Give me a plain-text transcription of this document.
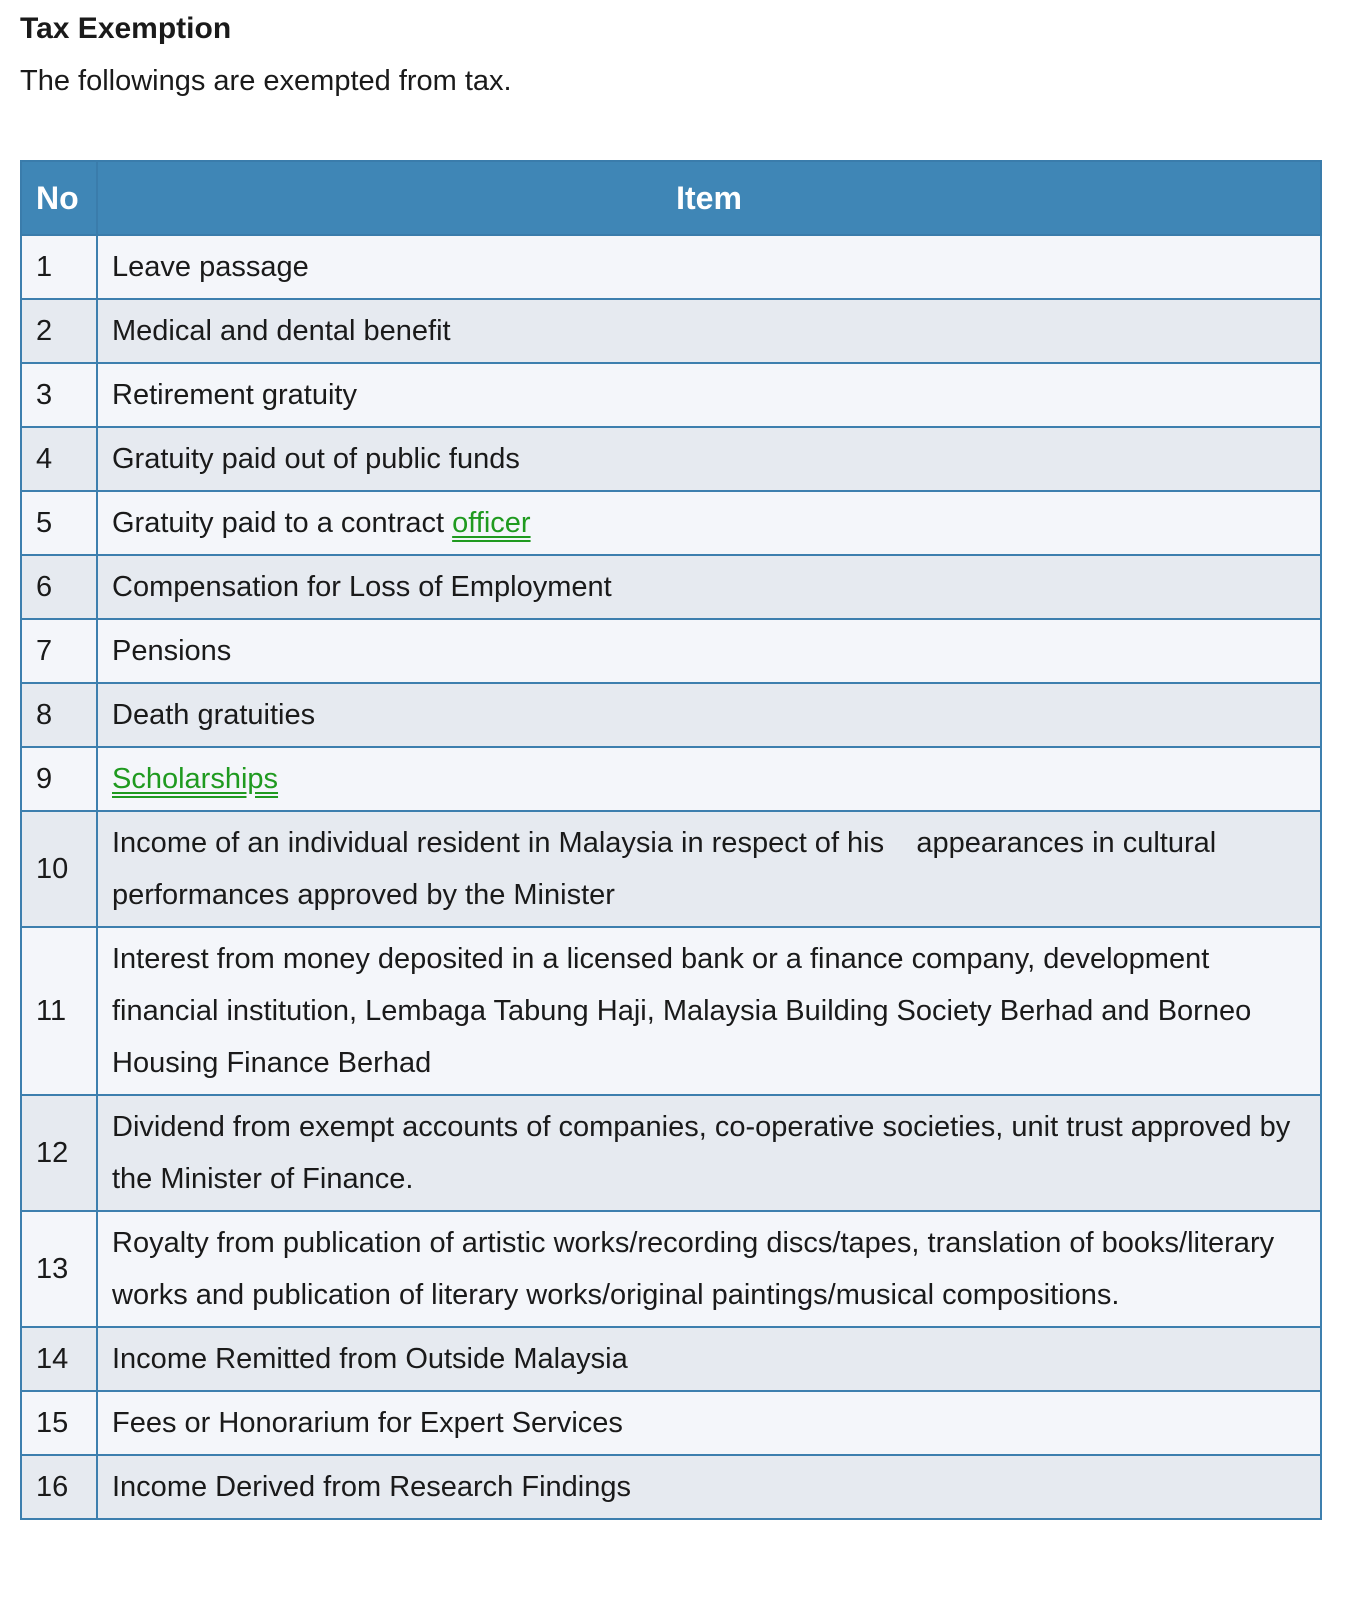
Tax Exemption

The followings are exempted from tax.

No	Item
1	Leave passage
2	Medical and dental benefit
3	Retirement gratuity
4	Gratuity paid out of public funds
5	Gratuity paid to a contract officer
6	Compensation for Loss of Employment
7	Pensions
8	Death gratuities
9	Scholarships
10	Income of an individual resident in Malaysia in respect of his    appearances in cultural performances approved by the Minister
11	Interest from money deposited in a licensed bank or a finance company, development financial institution, Lembaga Tabung Haji, Malaysia Building Society Berhad and Borneo Housing Finance Berhad
12	Dividend from exempt accounts of companies, co-operative societies, unit trust approved by the Minister of Finance.
13	Royalty from publication of artistic works/recording discs/tapes, translation of books/literary works and publication of literary works/original paintings/musical compositions.
14	Income Remitted from Outside Malaysia
15	Fees or Honorarium for Expert Services
16	Income Derived from Research Findings
